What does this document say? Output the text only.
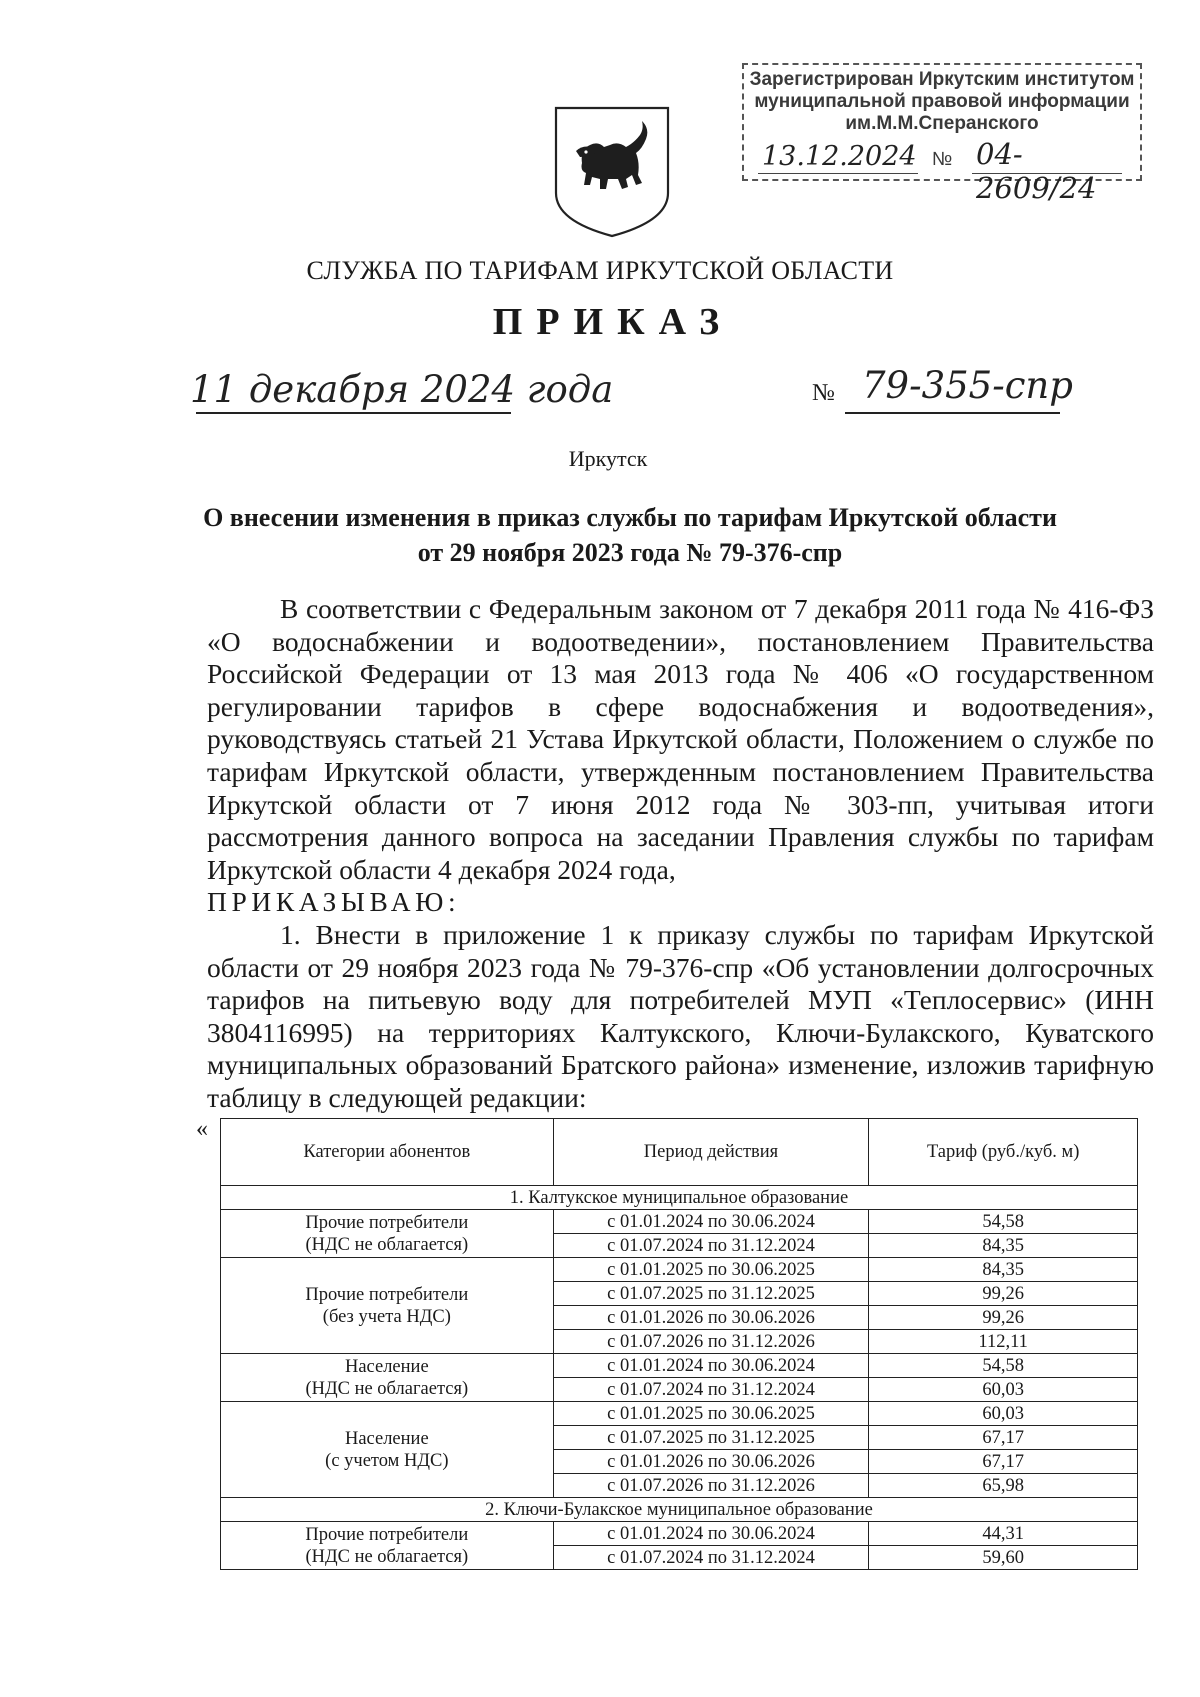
Зарегистрирован Иркутским институтом
муниципальной правовой информации
им.М.М.Сперанского
13.12.2024 № 04-2609/24
СЛУЖБА ПО ТАРИФАМ ИРКУТСКОЙ ОБЛАСТИ
ПРИКАЗ
11 декабря 2024 года	№ 79-355-спр
Иркутск
О внесении изменения в приказ службы по тарифам Иркутской области
от 29 ноября 2023 года № 79-376-спр
В соответствии с Федеральным законом от 7 декабря 2011 года № 416-ФЗ «О водоснабжении и водоотведении», постановлением Правительства Российской Федерации от 13 мая 2013 года № 406 «О государственном регулировании тарифов в сфере водоснабжения и водоотведения», руководствуясь статьей 21 Устава Иркутской области, Положением о службе по тарифам Иркутской области, утвержденным постановлением Правительства Иркутской области от 7 июня 2012 года № 303-пп, учитывая итоги рассмотрения данного вопроса на заседании Правления службы по тарифам Иркутской области 4 декабря 2024 года,
ПРИКАЗЫВАЮ:
1. Внести в приложение 1 к приказу службы по тарифам Иркутской области от 29 ноября 2023 года № 79-376-спр «Об установлении долгосрочных тарифов на питьевую воду для потребителей МУП «Теплосервис» (ИНН 3804116995) на территориях Калтукского, Ключи-Булакского, Куватского муниципальных образований Братского района» изменение, изложив тарифную таблицу в следующей редакции:
«
Категории абонентов	Период действия	Тариф (руб./куб. м)
1. Калтукское муниципальное образование		

Прочие потребители
(НДС не облагается)	с 01.01.2024 по 30.06.2024	54,58
	с 01.07.2024 по 31.12.2024	84,35

Прочие потребители
(без учета НДС)	с 01.01.2025 по 30.06.2025	84,35
	с 01.07.2025 по 31.12.2025	99,26
	с 01.01.2026 по 30.06.2026	99,26
	с 01.07.2026 по 31.12.2026	112,11

Население
(НДС не облагается)	с 01.01.2024 по 30.06.2024	54,58
	с 01.07.2024 по 31.12.2024	60,03

Население
(с учетом НДС)	с 01.01.2025 по 30.06.2025	60,03
	с 01.07.2025 по 31.12.2025	67,17
	с 01.01.2026 по 30.06.2026	67,17
	с 01.07.2026 по 31.12.2026	65,98
2. Ключи-Булакское муниципальное образование		

Прочие потребители
(НДС не облагается)	с 01.01.2024 по 30.06.2024	44,31
	с 01.07.2024 по 31.12.2024	59,60
